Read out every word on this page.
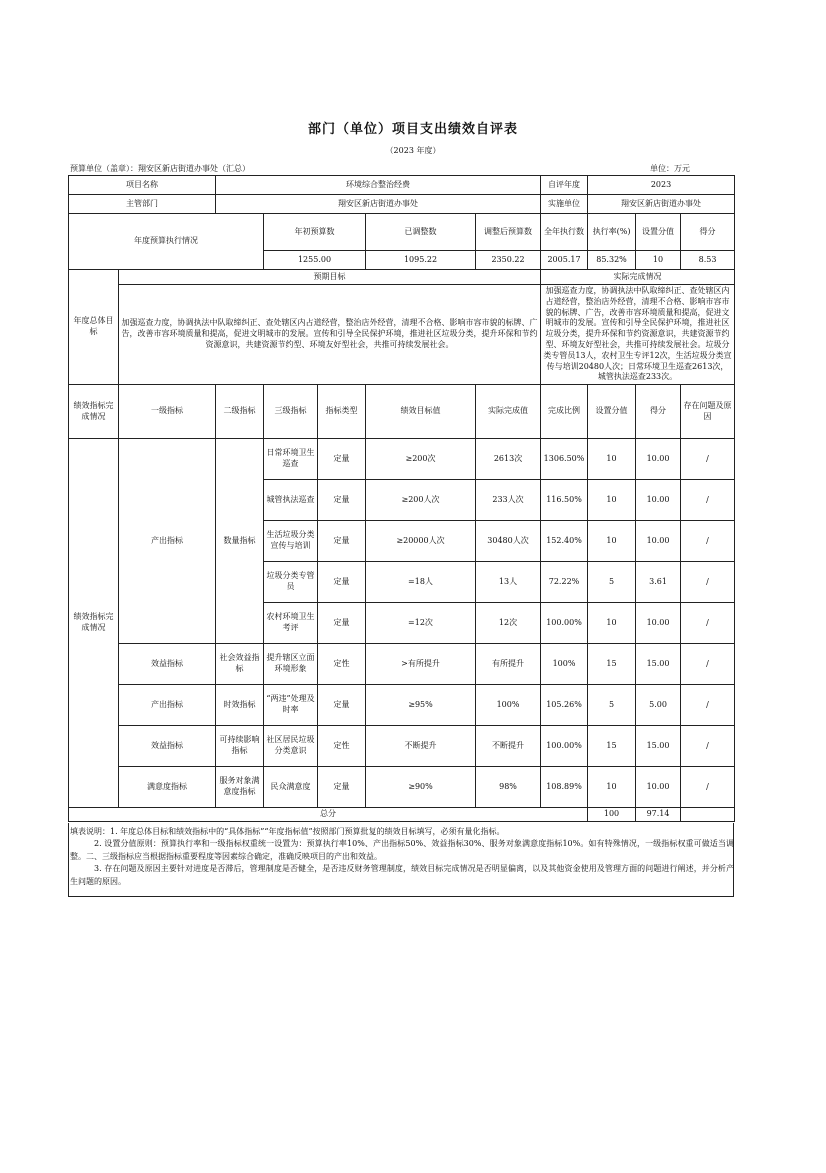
部门（单位）项目支出绩效自评表
（2023 年度）
预算单位（盖章）：翔安区新店街道办事处（汇总）	单位：万元
项目名称		环境综合整治经费					自评年度	2023		
主管部门		翔安区新店街道办事处					实施单位	翔安区新店街道办事处		
年度预算执行情况			年初预算数		已调整数	调整后预算数	全年执行数	执行率(%)	设置分值	得分
			1255.00		1095.22	2350.22	2005.17	85.32%	10	8.53
年度总体目标	预期目标						实际完成情况			
	加强巡查力度，协调执法中队取缔纠正、查处辖区内占道经营，整治店外经营，清理不合格、影响市容市貌的标牌、广告，改善市容环境质量和提高，促进文明城市的发展。宣传和引导全民保护环境，推进社区垃圾分类，提升环保和节约资源意识，共建资源节约型、环境友好型社会，共推可持续发展社会。						加强巡查力度，协调执法中队取缔纠正、查处辖区内占道经营，整治店外经营，清理不合格、影响市容市貌的标牌、广告，改善市容环境质量和提高，促进文明城市的发展。宣传和引导全民保护环境，推进社区垃圾分类，提升环保和节约资源意识，共建资源节约型、环境友好型社会，共推可持续发展社会。垃圾分类专管员13人，农村卫生专评12次，生活垃圾分类宣传与培训20480人次；日常环境卫生巡查2613次，城管执法巡查233次。			
绩效指标完成情况	一级指标	二级指标	三级指标	指标类型	绩效目标值	实际完成值	完成比例	设置分值	得分	存在问题及原因
绩效指标完成情况	产出指标	数量指标	日常环境卫生巡查	定量	≥200次	2613次	1306.50%	10	10.00	/
			城管执法巡查	定量	≥200人次	233人次	116.50%	10	10.00	/
			生活垃圾分类宣传与培训	定量	≥20000人次	30480人次	152.40%	10	10.00	/
			垃圾分类专管员	定量	=18人	13人	72.22%	5	3.61	/
			农村环境卫生考评	定量	=12次	12次	100.00%	10	10.00	/
	效益指标	社会效益指标	提升辖区立面环境形象	定性	>有所提升	有所提升	100%	15	15.00	/
	产出指标	时效指标	“两违”处理及时率	定量	≥95%	100%	105.26%	5	5.00	/
	效益指标	可持续影响指标	社区居民垃圾分类意识	定性	不断提升	不断提升	100.00%	15	15.00	/
	满意度指标	服务对象满意度指标	民众满意度	定量	≥90%	98%	108.89%	10	10.00	/
总分								100	97.14	

填表说明：1. 年度总体目标和绩效指标中的“具体指标”“年度指标值”按照部门预算批复的绩效目标填写，必须有量化指标。

2. 设置分值原则：预算执行率和一级指标权重统一设置为：预算执行率10%、产出指标50%、效益指标30%、服务对象满意度指标10%。如有特殊情况，一级指标权重可做适当调整。二、三级指标应当根据指标重要程度等因素综合确定，准确反映项目的产出和效益。

3. 存在问题及原因主要针对进度是否滞后，管理制度是否健全，是否违反财务管理制度，绩效目标完成情况是否明显偏离，以及其他资金使用及管理方面的问题进行阐述，并分析产生问题的原因。
